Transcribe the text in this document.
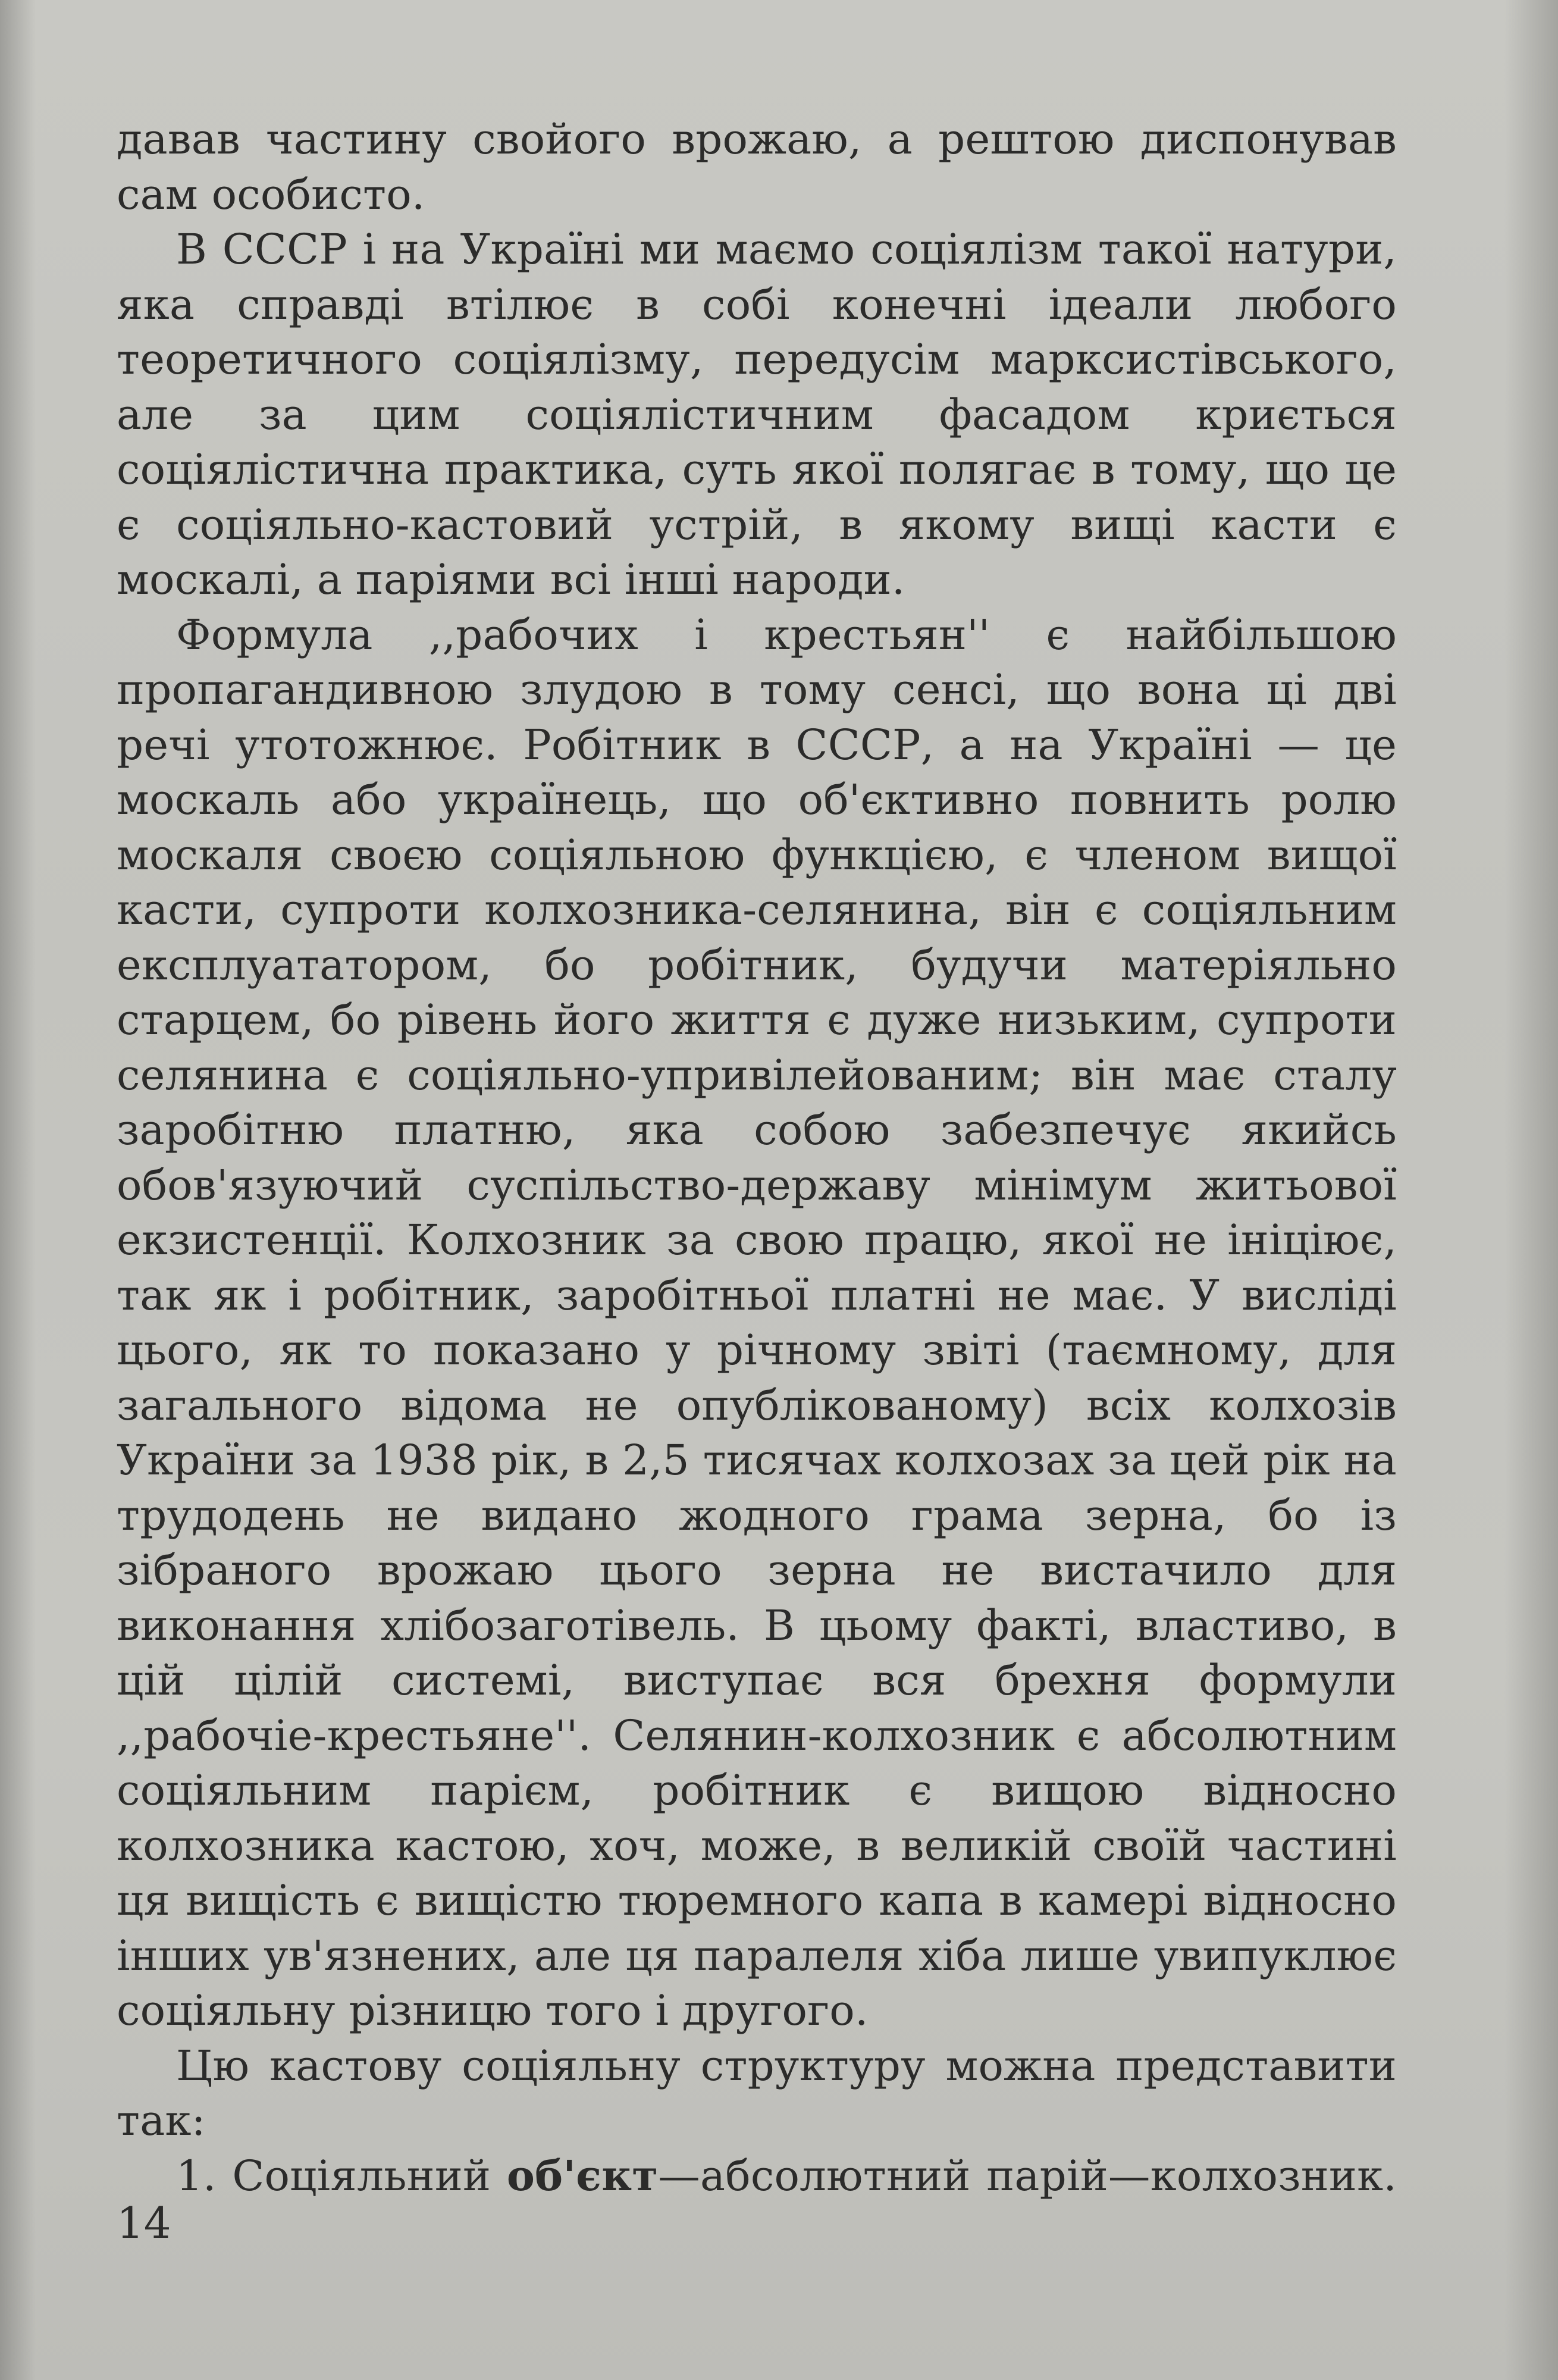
давав частину свойого врожаю, а рештою диспонував сам особисто.

В СССР і на Україні ми маємо соціялізм такої натури, яка справді втілює в собі конечні ідеали любого теоретичного соціялізму, передусім марксистівського, але за цим соціялістичним фасадом криється соціялістична практика, суть якої полягає в тому, що це є соціяльно-кастовий устрій, в якому вищі касти є москалі, а паріями всі інші народи.

Формула ,,рабочих і крестьян'' є найбільшою пропагандивною злудою в тому сенсі, що вона ці дві речі утотожнює. Робітник в СССР, а на Україні — це москаль або українець, що об'єктивно повнить ролю москаля своєю соціяльною функцією, є членом вищої касти, супроти колхозника-селянина, він є соціяльним експлуататором, бо робітник, будучи матеріяльно старцем, бо рівень його життя є дуже низьким, супроти селянина є соціяльно-упривілейованим; він має сталу заробітню платню, яка собою забезпечує якийсь обов'язуючий суспільство-державу мінімум житьової екзистенції. Колхозник за свою працю, якої не ініціює, так як і робітник, заробітньої платні не має. У висліді цього, як то показано у річному звіті (таємному, для загального відома не опублікованому) всіх колхозів України за 1938 рік, в 2,5 тисячах колхозах за цей рік на трудодень не видано жодного грама зерна, бо із зібраного врожаю цього зерна не вистачило для виконання хлібозаготівель. В цьому факті, властиво, в цій цілій системі, виступає вся брехня формули ,,рабочіе-крестьяне''. Селянин-колхозник є абсолютним соціяльним парієм, робітник є вищою відносно колхозника кастою, хоч, може, в великій своїй частині ця вищість є вищістю тюремного капа в камері відносно інших ув'язнених, але ця паралеля хіба лише увипуклює соціяльну різницю того і другого.

Цю кастову соціяльну структуру можна представити так:

1. Соціяльний об'єкт—абсолютний парій—колхозник.

14
